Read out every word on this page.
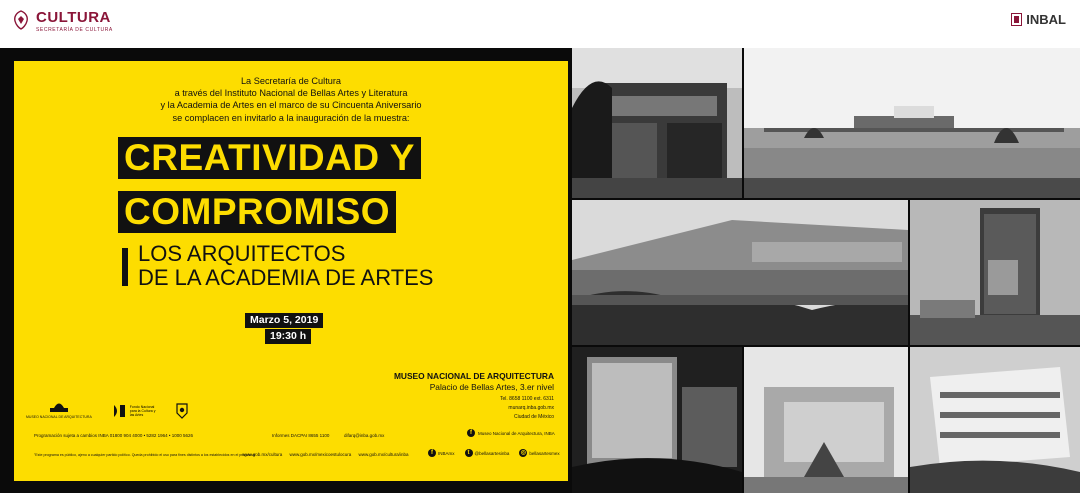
CULTURA
SECRETARÍA DE CULTURA
INBAL
La Secretaría de Cultura
a través del Instituto Nacional de Bellas Artes y Literatura
y la Academia de Artes en el marco de su Cincuenta Aniversario
se complacen en invitarlo a la inauguración de la muestra:
CREATIVIDAD Y
COMPROMISO
LOS ARQUITECTOS
DE LA ACADEMIA DE ARTES
Marzo 5, 2019
19:30 h
MUSEO NACIONAL DE ARQUITECTURA
Palacio de Bellas Artes, 3.er nivel
Tel. 8658 1100 ext. 6311
munarq.inba.gob.mx
Ciudad de México
MUSEO NACIONAL DE ARQUITECTURA
Fondo Nacional para la Cultura y las Artes
Programación sujeta a cambios INBA 01800 904 4000 • 5282 1964 • 1000 5626	Informes DACPAI 8655 1100	difarq@inba.gob.mx	f	Museo Nacional de Arquitectura, INBA
"Este programa es público, ajeno a cualquier partido político. Queda prohibido el uso para fines distintos a los establecidos en el programa"
www.gob.mx/cultura www.gob.mx/mexicoestulocura www.gob.mx/cultura/inba	f	INBAmx	t	@bellasartesinba ◎ bellasartesmex
